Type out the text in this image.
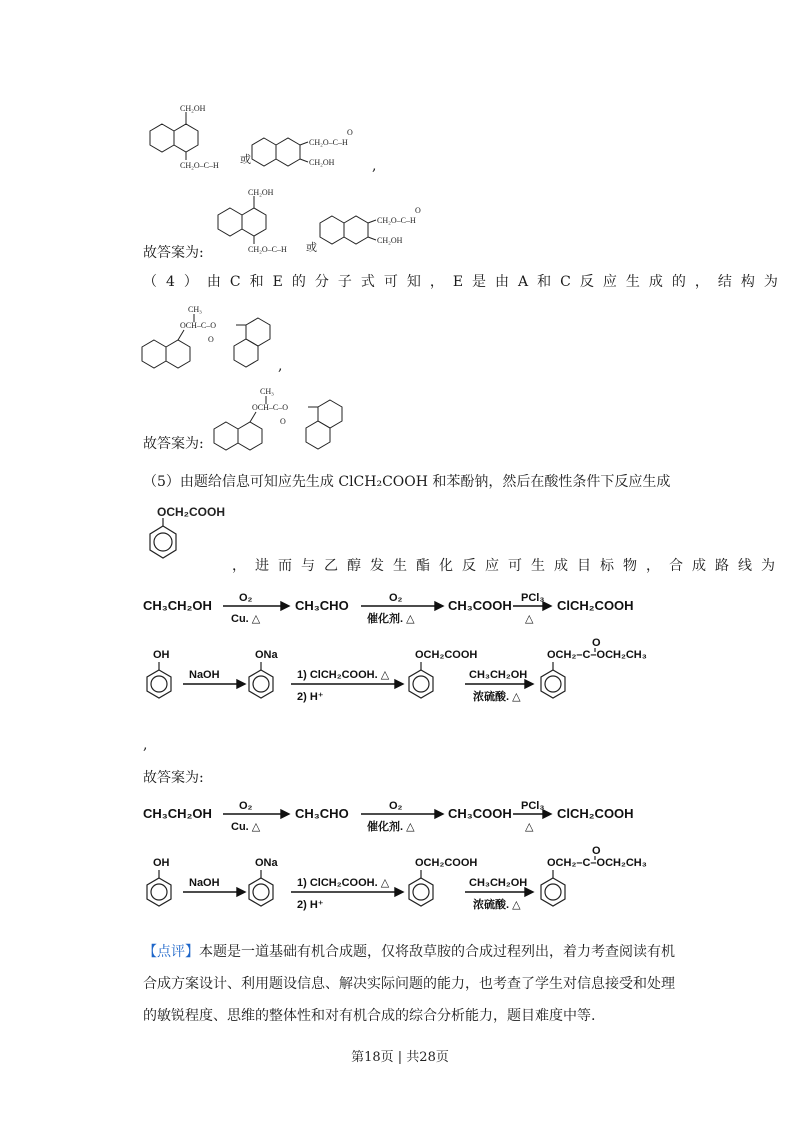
CH₂OH
CH₂O–C–H 或
CH₂O–C–H
CH₂OH
O
,
故答案为:
CH₂OH
CH₂O–C–H 或
CH₂O–C–H
CH₂OH
O
（4）由C和E的分子式可知，E是由A和C反应生成的，结构为
CH₃
OCH–C–O
O
,
故答案为:
CH₃
OCH–C–O
O
（5）由题给信息可知应先生成 ClCH₂COOH 和苯酚钠，然后在酸性条件下反应生成
OCH₂COOH
，进而与乙醇发生酯化反应可生成目标物，合成路线为
CH₃CH₂OH O₂
Cu. △
CH₃CHO	O₂
催化剂. △
CH₃COOH PCl₃
△
ClCH₂COOH
OH
NaOH
ONa
1) ClCH₂COOH. △
2) H⁺
OCH₂COOH
CH₃CH₂OH
浓硫酸. △
OCH₂–C–OCH₂CH₃
O
,
故答案为:
CH₃CH₂OH O₂
Cu. △
CH₃CHO	O₂
催化剂. △
CH₃COOH PCl₃
△
ClCH₂COOH
OH
NaOH
ONa
1) ClCH₂COOH. △
2) H⁺
OCH₂COOH
CH₃CH₂OH
浓硫酸. △
OCH₂–C–OCH₂CH₃
O
【点评】本题是一道基础有机合成题，仅将敌草胺的合成过程列出，着力考查阅读有机
合成方案设计、利用题设信息、解决实际问题的能力，也考查了学生对信息接受和处理
的敏锐程度、思维的整体性和对有机合成的综合分析能力，题目难度中等.
第18页 | 共28页
